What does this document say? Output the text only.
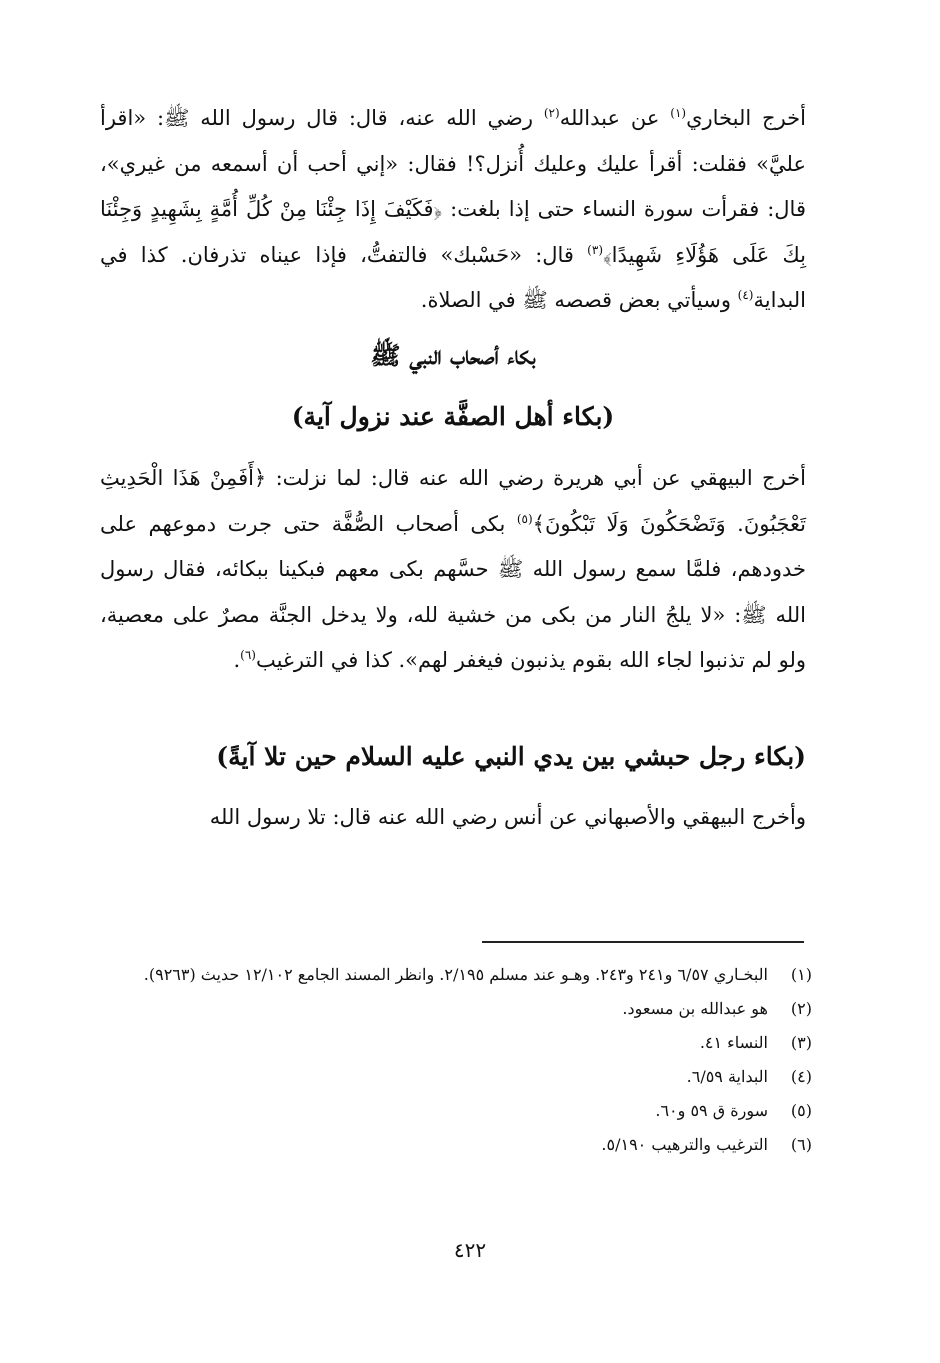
أخرج البخاري$^{(١)}$ عن عبدالله$^{(٢)}$ رضي الله عنه، قال: قال رسول الله ﷺ: «اقرأ عليَّ» فقلت: أقرأ عليك وعليك أُنزل؟! فقال: «إني أحب أن أسمعه من غيري»، قال: فقرأت سورة النساء حتى إذا بلغت: ﴿فَكَيْفَ إِذَا جِئْنَا مِنْ كُلِّ أُمَّةٍ بِشَهِيدٍ وَجِئْنَا بِكَ عَلَى هَؤُلَاءِ شَهِيدًا﴾$^{(٣)}$ قال: «حَسْبك» فالتفتُّ، فإذا عيناه تذرفان. كذا في البداية$^{(٤)}$ وسيأتي بعض قصصه ﷺ في الصلاة.

بكاء أصحاب النبي ﷺ
(بكاء أهل الصفَّة عند نزول آية)

أخرج البيهقي عن أبي هريرة رضي الله عنه قال: لما نزلت: ﴿أَفَمِنْ هَذَا الْحَدِيثِ تَعْجَبُونَ. وَتَضْحَكُونَ وَلَا تَبْكُونَ﴾$^{(٥)}$ بكى أصحاب الصُّفَّة حتى جرت دموعهم على خدودهم، فلمَّا سمع رسول الله ﷺ حسَّهم بكى معهم فبكينا ببكائه، فقال رسول الله ﷺ: «لا يلجُ النار من بكى من خشية لله، ولا يدخل الجنَّة مصرٌ على معصية، ولو لم تذنبوا لجاء الله بقوم يذنبون فيغفر لهم». كذا في الترغيب$^{(٦)}$.

(بكاء رجل حبشي بين يدي النبي عليه السلام حين تلا آيةً)

وأخرج البيهقي والأصبهاني عن أنس رضي الله عنه قال: تلا رسول الله

(١)
البخـاري ٦/٥٧ و٢٤١ و٢٤٣. وهـو عند مسلم ٢/١٩٥. وانظر المسند الجامع ١٢/١٠٢ حديث (٩٢٦٣).
(٢)
هو عبدالله بن مسعود.
(٣)
النساء ٤١.
(٤)
البداية ٦/٥٩.
(٥)
سورة ق ٥٩ و٦٠.
(٦)
الترغيب والترهيب ٥/١٩٠.
٤٢٢
